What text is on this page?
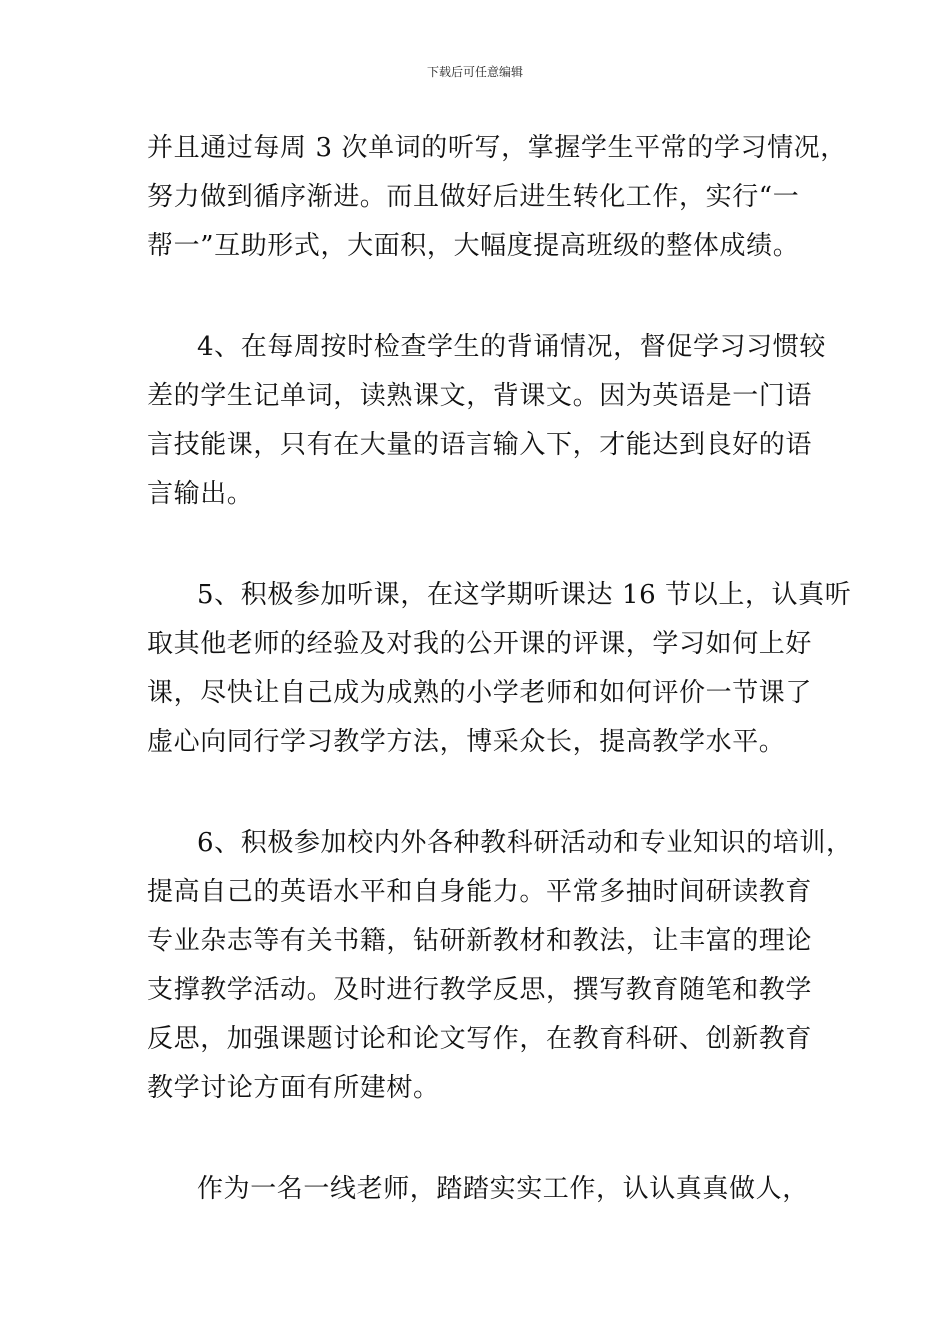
下载后可任意编辑

并且通过每周 3 次单词的听写，掌握学生平常的学习情况，
努力做到循序渐进。而且做好后进生转化工作，实行“一
帮一”互助形式，大面积，大幅度提高班级的整体成绩。

4、在每周按时检查学生的背诵情况，督促学习习惯较
差的学生记单词，读熟课文，背课文。因为英语是一门语
言技能课，只有在大量的语言输入下，才能达到良好的语
言输出。

5、积极参加听课，在这学期听课达 16 节以上，认真听
取其他老师的经验及对我的公开课的评课，学习如何上好
课，尽快让自己成为成熟的小学老师和如何评价一节课了
虚心向同行学习教学方法，博采众长，提高教学水平。

6、积极参加校内外各种教科研活动和专业知识的培训，
提高自己的英语水平和自身能力。平常多抽时间研读教育
专业杂志等有关书籍，钻研新教材和教法，让丰富的理论
支撑教学活动。及时进行教学反思，撰写教育随笔和教学
反思，加强课题讨论和论文写作，在教育科研、创新教育
教学讨论方面有所建树。

作为一名一线老师，踏踏实实工作，认认真真做人，
